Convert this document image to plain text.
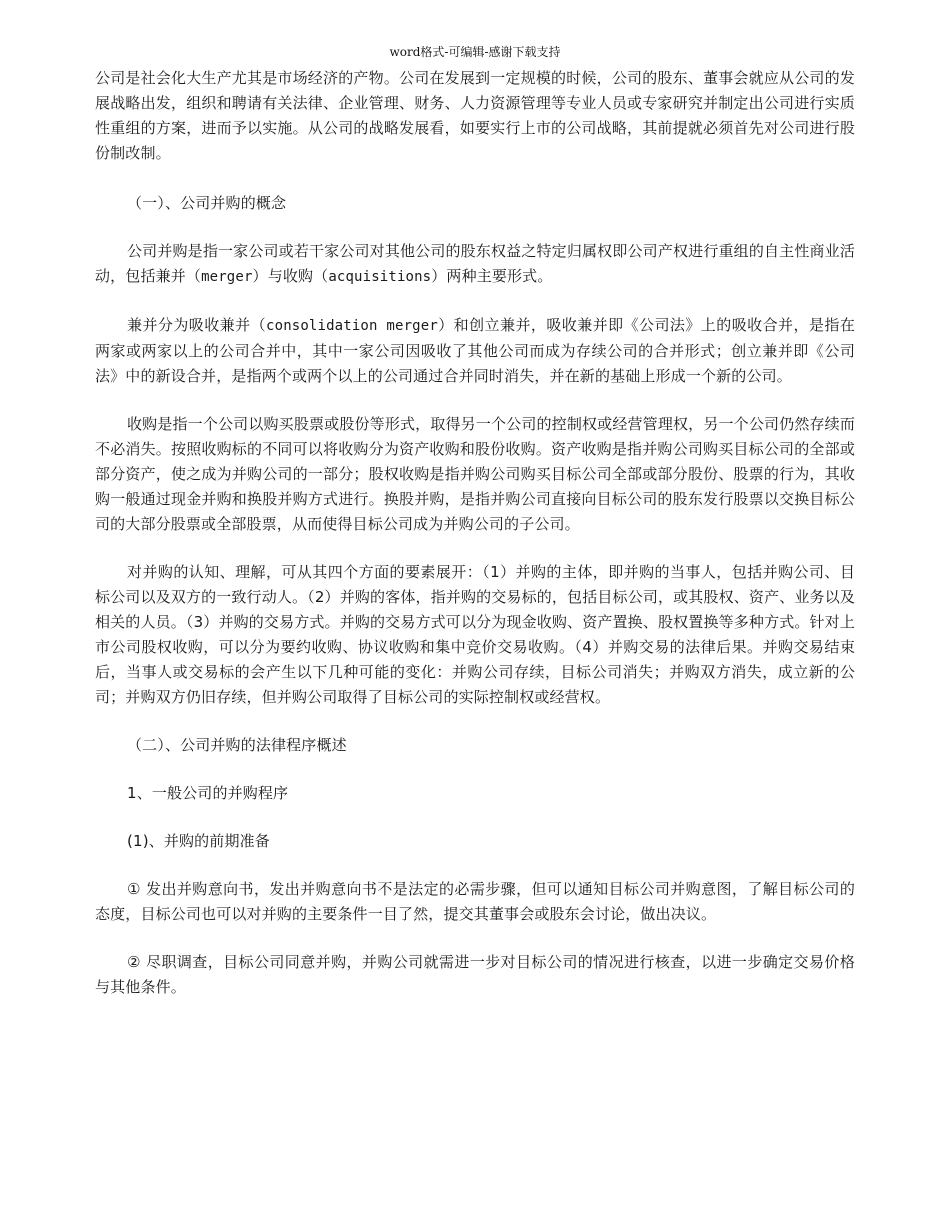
word格式-可编辑-感谢下载支持

公司是社会化大生产尤其是市场经济的产物。公司在发展到一定规模的时候，公司的股东、董事会就应从公司的发展战略出发，组织和聘请有关法律、企业管理、财务、人力资源管理等专业人员或专家研究并制定出公司进行实质性重组的方案，进而予以实施。从公司的战略发展看，如要实行上市的公司战略，其前提就必须首先对公司进行股份制改制。

（一）、公司并购的概念

公司并购是指一家公司或若干家公司对其他公司的股东权益之特定归属权即公司产权进行重组的自主性商业活动，包括兼并（merger）与收购（acquisitions）两种主要形式。

兼并分为吸收兼并（consolidation merger）和创立兼并，吸收兼并即《公司法》上的吸收合并，是指在两家或两家以上的公司合并中，其中一家公司因吸收了其他公司而成为存续公司的合并形式；创立兼并即《公司法》中的新设合并，是指两个或两个以上的公司通过合并同时消失，并在新的基础上形成一个新的公司。

收购是指一个公司以购买股票或股份等形式，取得另一个公司的控制权或经营管理权，另一个公司仍然存续而不必消失。按照收购标的不同可以将收购分为资产收购和股份收购。资产收购是指并购公司购买目标公司的全部或部分资产，使之成为并购公司的一部分；股权收购是指并购公司购买目标公司全部或部分股份、股票的行为，其收购一般通过现金并购和换股并购方式进行。换股并购，是指并购公司直接向目标公司的股东发行股票以交换目标公司的大部分股票或全部股票，从而使得目标公司成为并购公司的子公司。

对并购的认知、理解，可从其四个方面的要素展开：（1）并购的主体，即并购的当事人，包括并购公司、目标公司以及双方的一致行动人。（2）并购的客体，指并购的交易标的，包括目标公司，或其股权、资产、业务以及相关的人员。（3）并购的交易方式。并购的交易方式可以分为现金收购、资产置换、股权置换等多种方式。针对上市公司股权收购，可以分为要约收购、协议收购和集中竞价交易收购。（4）并购交易的法律后果。并购交易结束后，当事人或交易标的会产生以下几种可能的变化：并购公司存续，目标公司消失；并购双方消失，成立新的公司；并购双方仍旧存续，但并购公司取得了目标公司的实际控制权或经营权。

（二）、公司并购的法律程序概述

1、一般公司的并购程序

(1)、并购的前期准备

① 发出并购意向书，发出并购意向书不是法定的必需步骤，但可以通知目标公司并购意图，了解目标公司的态度，目标公司也可以对并购的主要条件一目了然，提交其董事会或股东会讨论，做出决议。

② 尽职调查，目标公司同意并购，并购公司就需进一步对目标公司的情况进行核查，以进一步确定交易价格与其他条件。
